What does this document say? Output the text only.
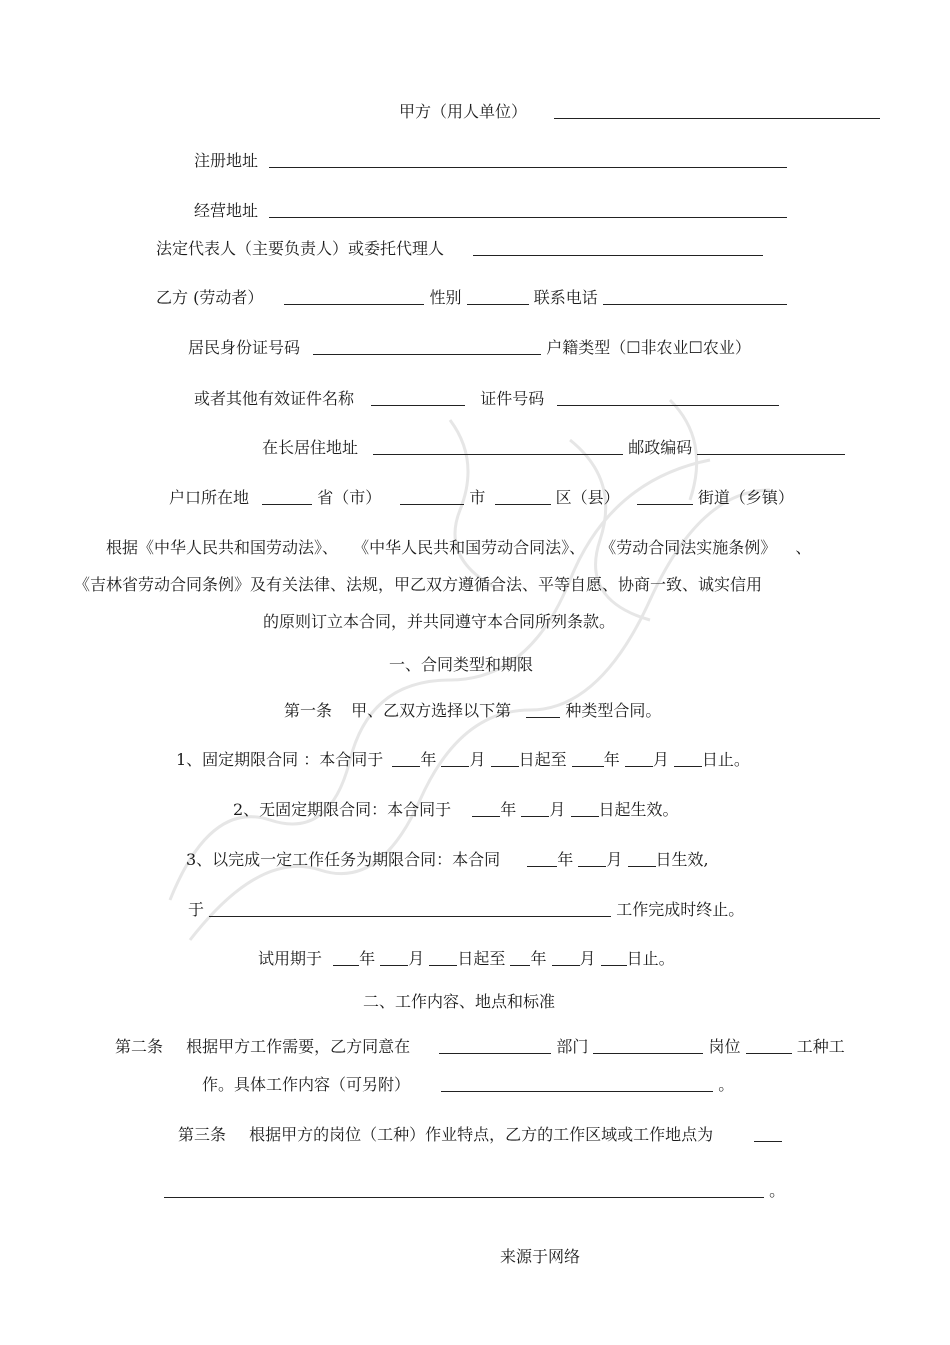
甲方（用人单位）
注册地址
经营地址
法定代表人（主要负责人）或委托代理人
乙方 (劳动者）	性别	联系电话
居民身份证号码	户籍类型（☐非农业☐农业）
或者其他有效证件名称	证件号码
在长居住地址	邮政编码
户口所在地	省（市）	市	区（县）	街道（乡镇）
根据《中华人民共和国劳动法》、 《中华人民共和国劳动合同法》、 《劳动合同法实施条例》 、
《吉林省劳动合同条例》及有关法律、法规，甲乙双方遵循合法、平等自愿、协商一致、诚实信用
的原则订立本合同，并共同遵守本合同所列条款。
一、合同类型和期限
第一条 甲、乙双方选择以下第	种类型合同。
1、固定期限合同 ：本合同于 年 月 日起至 年 月 日止。
2、无固定期限合同：本合同于	年 月 日起生效。
3、以完成一定工作任务为期限合同：本合同	年 月 日生效,
于	工作完成时终止。
试用期于 年 月 日起至 年 月 日止。
二、工作内容、地点和标准
第二条 根据甲方工作需要，乙方同意在	部门	岗位	工种工
作。具体工作内容（可另附）	。
第三条 根据甲方的岗位（工种）作业特点，乙方的工作区域或工作地点为
。
来源于网络
